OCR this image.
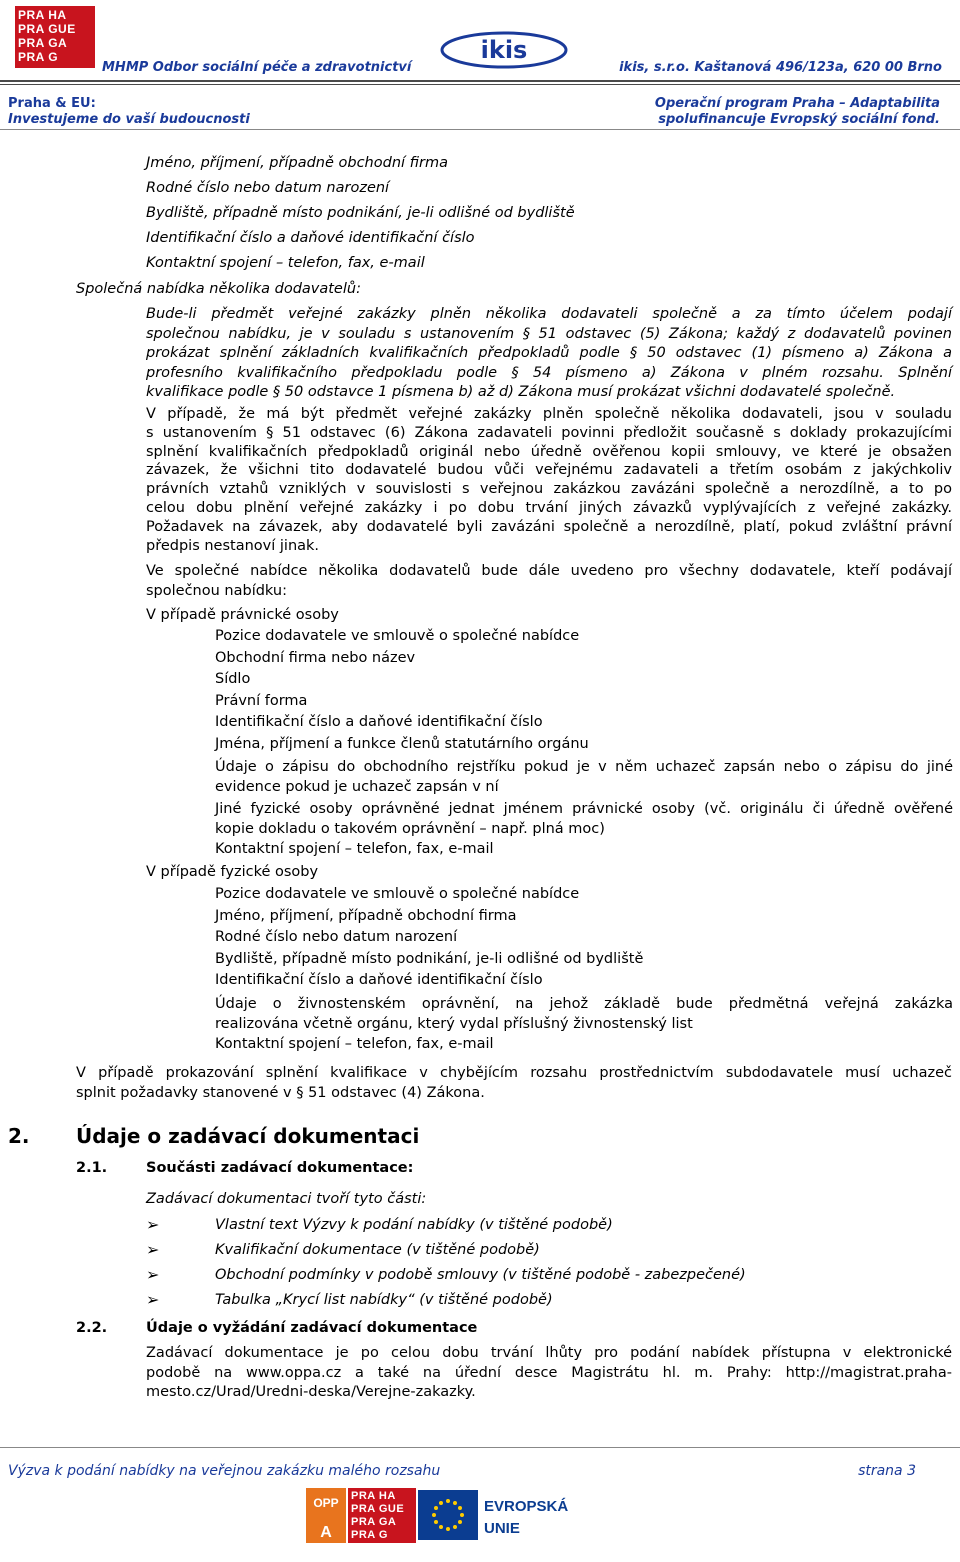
PRA HA
PRA GUE
PRA GA
PRA G	ikis
MHMP Odbor sociální péče a zdravotnictví	ikis, s.r.o. Kaštanová 496/123a, 620 00 Brno
Praha & EU:
Investujeme do vaší budoucnosti
Operační program Praha – Adaptabilita
spolufinancuje Evropský sociální fond.
Jméno, příjmení, případně obchodní firma
Rodné číslo nebo datum narození
Bydliště, případně místo podnikání, je-li odlišné od bydliště
Identifikační číslo a daňové identifikační číslo
Kontaktní spojení – telefon, fax, e-mail
Společná nabídka několika dodavatelů:
Bude-li předmět veřejné zakázky plněn několika dodavateli společně a za tímto účelem podají
společnou nabídku, je v souladu s ustanovením § 51 odstavec (5) Zákona; každý z dodavatelů povinen
prokázat splnění základních kvalifikačních předpokladů podle § 50 odstavec (1) písmeno a) Zákona a
profesního kvalifikačního předpokladu podle § 54 písmeno a) Zákona v plném rozsahu. Splnění
kvalifikace podle § 50 odstavce 1 písmena b) až d) Zákona musí prokázat všichni dodavatelé společně.
V případě, že má být předmět veřejné zakázky plněn společně několika dodavateli, jsou v souladu
s ustanovením § 51 odstavec (6) Zákona zadavateli povinni předložit současně s doklady prokazujícími
splnění kvalifikačních předpokladů originál nebo úředně ověřenou kopii smlouvy, ve které je obsažen
závazek, že všichni tito dodavatelé budou vůči veřejnému zadavateli a třetím osobám z jakýchkoliv
právních vztahů vzniklých v souvislosti s veřejnou zakázkou zavázáni společně a nerozdílně, a to po
celou dobu plnění veřejné zakázky i po dobu trvání jiných závazků vyplývajících z veřejné zakázky.
Požadavek na závazek, aby dodavatelé byli zavázáni společně a nerozdílně, platí, pokud zvláštní právní
předpis nestanoví jinak.
Ve společné nabídce několika dodavatelů bude dále uvedeno pro všechny dodavatele, kteří podávají
společnou nabídku:
V případě právnické osoby
Pozice dodavatele ve smlouvě o společné nabídce
Obchodní firma nebo název
Sídlo
Právní forma
Identifikační číslo a daňové identifikační číslo
Jména, příjmení a funkce členů statutárního orgánu
Údaje o zápisu do obchodního rejstříku pokud je v něm uchazeč zapsán nebo o zápisu do jiné
evidence pokud je uchazeč zapsán v ní
Jiné fyzické osoby oprávněné jednat jménem právnické osoby (vč. originálu či úředně ověřené
kopie dokladu o takovém oprávnění – např. plná moc)
Kontaktní spojení – telefon, fax, e-mail
V případě fyzické osoby
Pozice dodavatele ve smlouvě o společné nabídce
Jméno, příjmení, případně obchodní firma
Rodné číslo nebo datum narození
Bydliště, případně místo podnikání, je-li odlišné od bydliště
Identifikační číslo a daňové identifikační číslo
Údaje o živnostenském oprávnění, na jehož základě bude předmětná veřejná zakázka
realizována včetně orgánu, který vydal příslušný živnostenský list
Kontaktní spojení – telefon, fax, e-mail
V případě prokazování splnění kvalifikace v chybějícím rozsahu prostřednictvím subdodavatele musí uchazeč
splnit požadavky stanovené v § 51 odstavec (4) Zákona.
2. Údaje o zadávací dokumentaci
2.1.	Součásti zadávací dokumentace:
Zadávací dokumentaci tvoří tyto části:
➢	Vlastní text Výzvy k podání nabídky (v tištěné podobě)
➢	Kvalifikační dokumentace (v tištěné podobě)
➢	Obchodní podmínky v podobě smlouvy (v tištěné podobě - zabezpečené)
➢	Tabulka „Krycí list nabídky“ (v tištěné podobě)
2.2.	Údaje o vyžádání zadávací dokumentace
Zadávací dokumentace je po celou dobu trvání lhůty pro podání nabídek přístupna v elektronické
podobě na www.oppa.cz a také na úřední desce Magistrátu hl. m. Prahy: http://magistrat.praha-
mesto.cz/Urad/Uredni-deska/Verejne-zakazky.
Výzva k podání nabídky na veřejnou zakázku malého rozsahu	strana 3
OPP
A
PRA HA
PRA GUE
PRA GA
PRA G
EVROPSKÁ
UNIE
